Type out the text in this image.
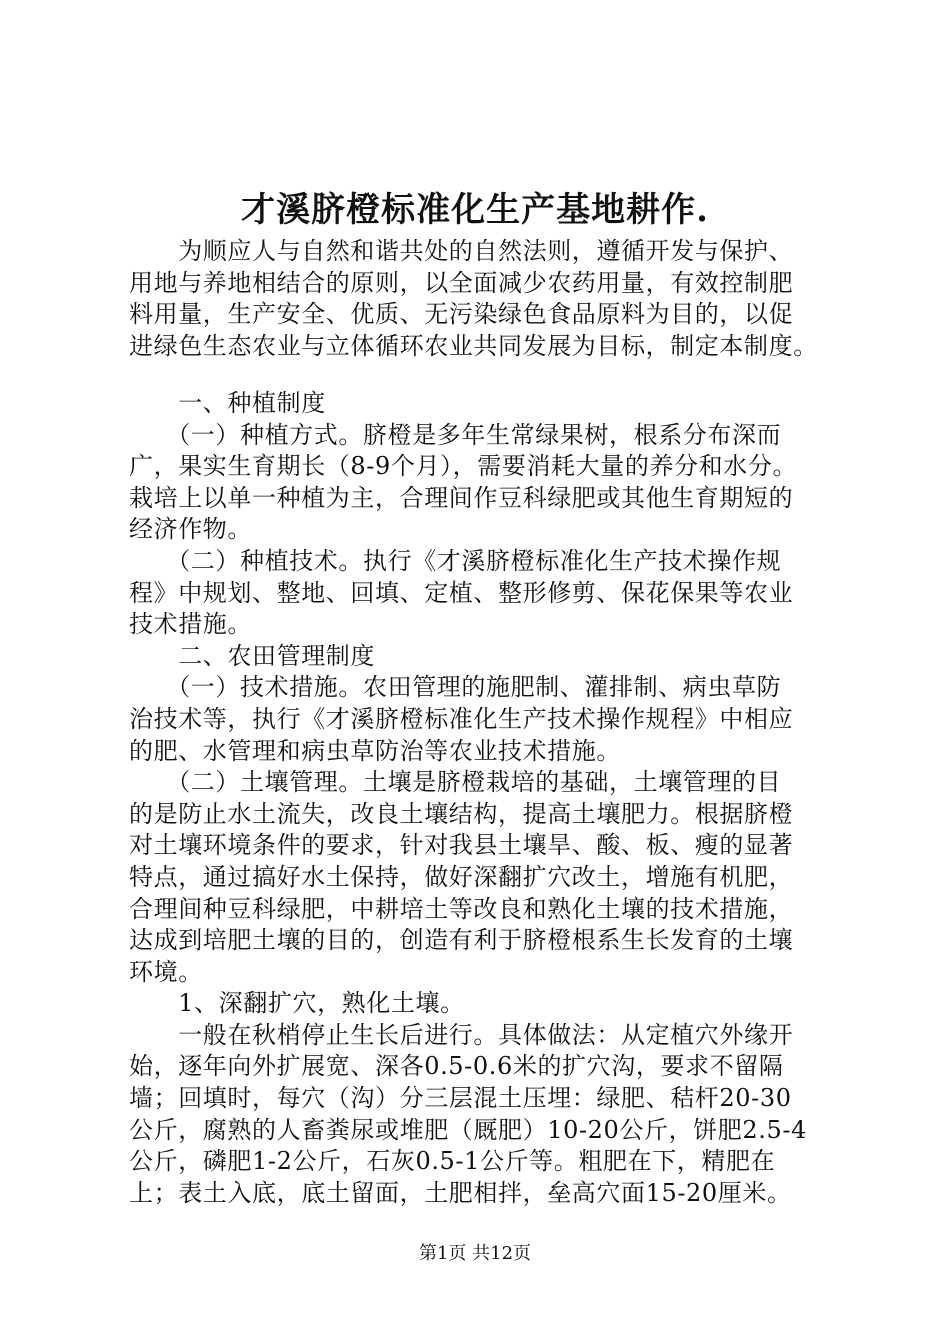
才溪脐橙标准化生产基地耕作.
　　为顺应人与自然和谐共处的自然法则，遵循开发与保护、
用地与养地相结合的原则，以全面减少农药用量，有效控制肥
料用量，生产安全、优质、无污染绿色食品原料为目的，以促
进绿色生态农业与立体循环农业共同发展为目标，制定本制度。
　　一、种植制度
　　（一）种植方式。脐橙是多年生常绿果树，根系分布深而
广，果实生育期长（8-9个月），需要消耗大量的养分和水分。
栽培上以单一种植为主，合理间作豆科绿肥或其他生育期短的
经济作物。
　　（二）种植技术。执行《才溪脐橙标准化生产技术操作规
程》中规划、整地、回填、定植、整形修剪、保花保果等农业
技术措施。
　　二、农田管理制度
　　（一）技术措施。农田管理的施肥制、灌排制、病虫草防
治技术等，执行《才溪脐橙标准化生产技术操作规程》中相应
的肥、水管理和病虫草防治等农业技术措施。
　　（二）土壤管理。土壤是脐橙栽培的基础，土壤管理的目
的是防止水土流失，改良土壤结构，提高土壤肥力。根据脐橙
对土壤环境条件的要求，针对我县土壤旱、酸、板、瘦的显著
特点，通过搞好水土保持，做好深翻扩穴改土，增施有机肥，
合理间种豆科绿肥，中耕培土等改良和熟化土壤的技术措施，
达成到培肥土壤的目的，创造有利于脐橙根系生长发育的土壤
环境。
　　1、深翻扩穴，熟化土壤。
　　一般在秋梢停止生长后进行。具体做法：从定植穴外缘开
始，逐年向外扩展宽、深各0.5-0.6米的扩穴沟，要求不留隔
墙；回填时，每穴（沟）分三层混土压埋：绿肥、秸杆20-30
公斤，腐熟的人畜粪尿或堆肥（厩肥）10-20公斤，饼肥2.5-4
公斤，磷肥1-2公斤，石灰0.5-1公斤等。粗肥在下，精肥在
上；表土入底，底土留面，土肥相拌，垒高穴面15-20厘米。
第1页 共12页
